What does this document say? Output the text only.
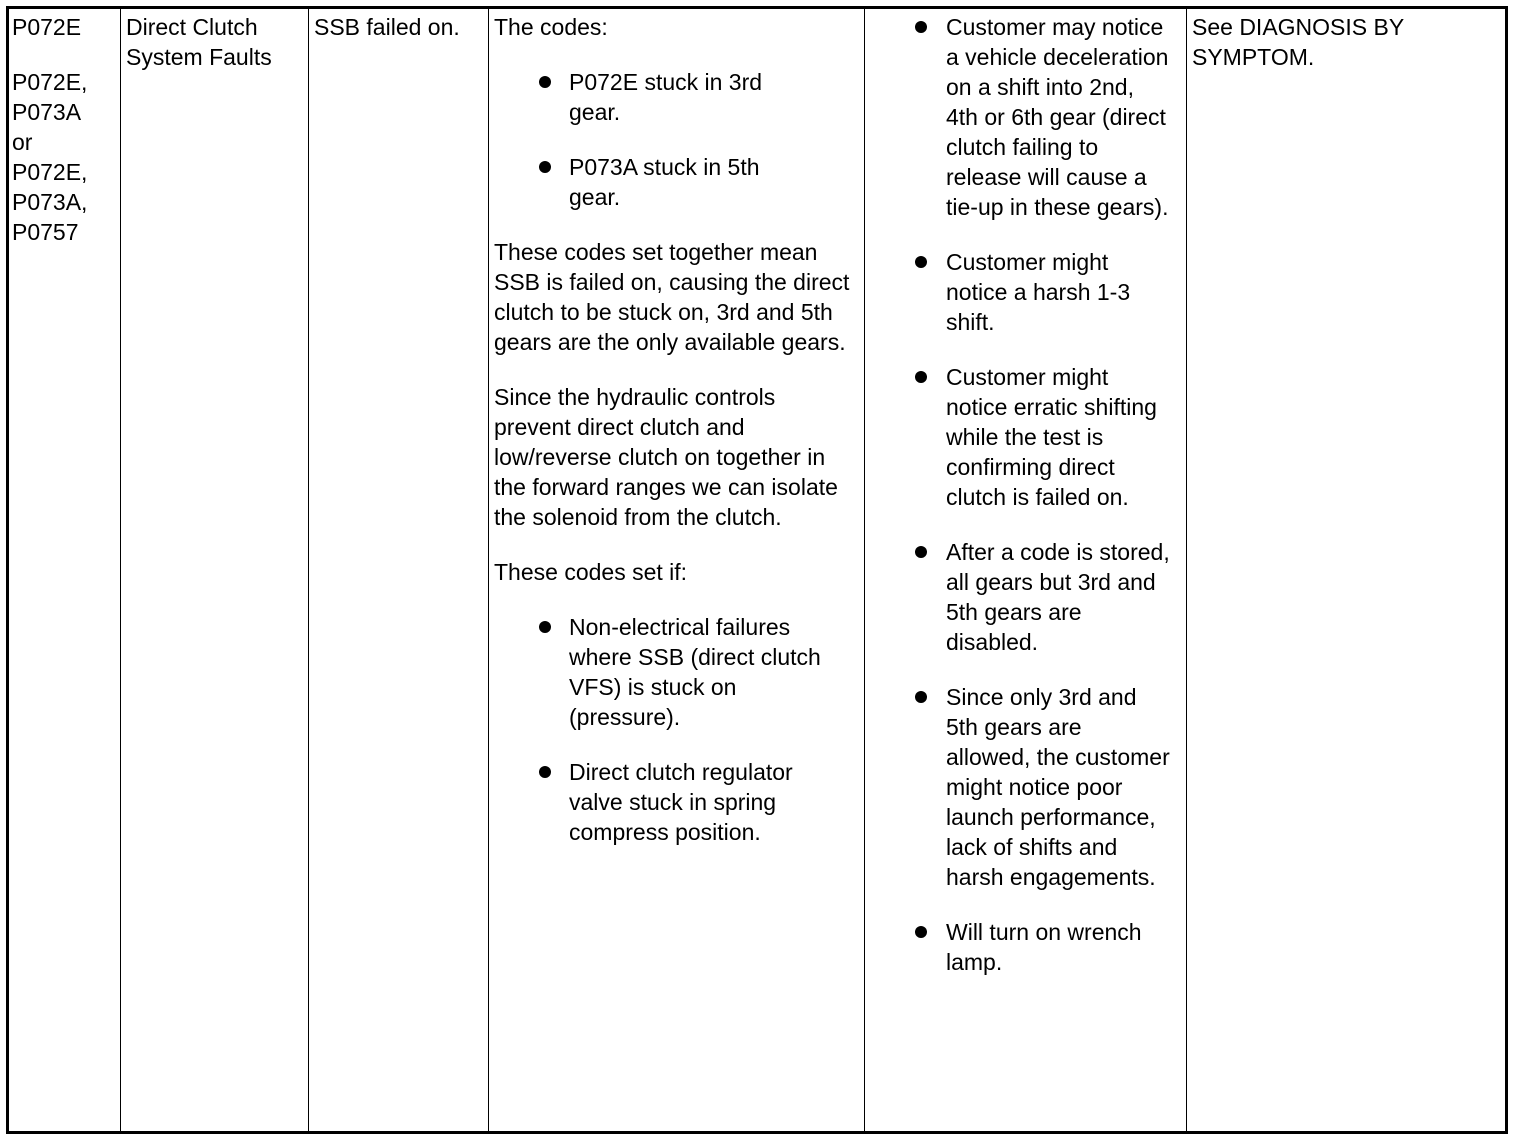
P072E

P072E,
P073A
or
P072E,
P073A,
P0757

Direct Clutch System Faults

SSB failed on.	The codes:

P072E stuck in 3rd gear.
P073A stuck in 5th gear.

These codes set together mean SSB is failed on, causing the direct clutch to be stuck on, 3rd and 5th gears are the only available gears.

Since the hydraulic controls prevent direct clutch and low/reverse clutch on together in the forward ranges we can isolate the solenoid from the clutch.

These codes set if:

Non-electrical failures where SSB (direct clutch VFS) is stuck on (pressure).
Direct clutch regulator valve stuck in spring compress position.
Customer may notice a vehicle deceleration on a shift into 2nd, 4th or 6th gear (direct clutch failing to release will cause a tie-up in these gears).
Customer might notice a harsh 1-3 shift.
Customer might notice erratic shifting while the test is confirming direct clutch is failed on.
After a code is stored, all gears but 3rd and 5th gears are disabled.
Since only 3rd and 5th gears are allowed, the customer might notice poor launch performance, lack of shifts and harsh engagements.
Will turn on wrench lamp.

See DIAGNOSIS BY SYMPTOM.
